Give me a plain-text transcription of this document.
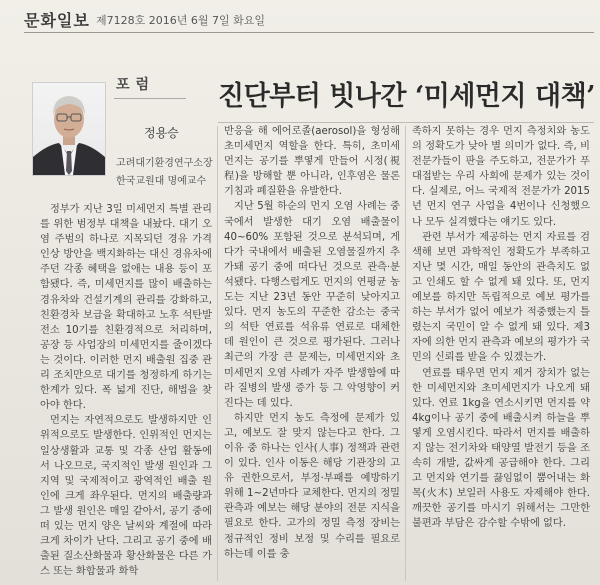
문화일보 제7128호 2016년 6월 7일 화요일
포럼
정용승
고려대기환경연구소장
한국교원대 명예교수
진단부터 빗나간 ‘미세먼지 대책’

정부가 지난 3일 미세먼지 특별 관리를 위한 범정부 대책을 내놨다. 대기 오염 주범의 하나로 지목되던 경유 가격 인상 방안을 백지화하는 대신 경유차에 주던 각종 혜택을 없애는 내용 등이 포함됐다. 즉, 미세먼지를 많이 배출하는 경유차와 건설기계의 관리를 강화하고, 친환경차 보급을 확대하고 노후 석탄발전소 10기를 친환경적으로 처리하며, 공장 등 사업장의 미세먼지를 줄이겠다는 것이다. 이러한 먼지 배출원 집중 관리 조치만으로 대기를 청정하게 하기는 한계가 있다. 폭 넓게 진단, 해법을 찾아야 한다.

먼지는 자연적으로도 발생하지만 인위적으로도 발생한다. 인위적인 먼지는 일상생활과 교통 및 각종 산업 활동에서 나오므로, 국지적인 발생 원인과 그 지역 및 국제적이고 광역적인 배출 원인에 크게 좌우된다. 먼지의 배출량과 그 발생 원인은 매일 같아서, 공기 중에 떠 있는 먼지 양은 날씨와 계절에 따라 크게 차이가 난다. 그리고 공기 중에 배출된 질소산화물과 황산화물은 다른 가스 또는 화합물과 화학

반응을 해 에어로졸(aerosol)을 형성해 초미세먼지 역할을 한다. 특히, 초미세먼지는 공기를 뿌옇게 만들어 시정(視程)을 방해할 뿐 아니라, 인후염은 물론 기침과 폐질환을 유발한다.

지난 5월 하순의 먼지 오염 사례는 중국에서 발생한 대기 오염 배출물이 40~60% 포함된 것으로 분석되며, 게다가 국내에서 배출된 오염물질까지 추가돼 공기 중에 떠다닌 것으로 관측·분석됐다. 다행스럽게도 먼지의 연평균 농도는 지난 23년 동안 꾸준히 낮아지고 있다. 먼지 농도의 꾸준한 감소는 중국의 석탄 연료를 석유류 연료로 대체한 데 원인이 큰 것으로 평가된다. 그러나 최근의 가장 큰 문제는, 미세먼지와 초미세먼지 오염 사례가 자주 발생함에 따라 질병의 발생 증가 등 그 악영향이 커진다는 데 있다.

하지만 먼지 농도 측정에 문제가 있고, 예보도 잘 맞지 않는다고 한다. 그 이유 중 하나는 인사(人事) 정책과 관련이 있다. 인사 이동은 해당 기관장의 고유 권한으로서, 부정·부패를 예방하기 위해 1~2년마다 교체한다. 먼지의 정밀 관측과 예보는 해당 분야의 전문 지식을 필요로 한다. 고가의 정밀 측정 장비는 정규적인 정비 보정 및 수리를 필요로 하는데 이를 충

족하지 못하는 경우 먼지 측정치와 농도의 정확도가 낮아 별 의미가 없다. 즉, 비전문가들이 판을 주도하고, 전문가가 푸대접받는 우리 사회에 문제가 있는 것이다. 실제로, 어느 국제적 전문가가 2015년 먼지 연구 사업을 4번이나 신청했으나 모두 실격했다는 얘기도 있다.

관련 부서가 제공하는 먼지 자료를 검색해 보면 과학적인 정확도가 부족하고 지난 몇 시간, 매일 동안의 관측치도 없고 인쇄도 할 수 없게 돼 있다. 또, 먼지 예보를 하지만 독립적으로 예보 평가를 하는 부서가 없어 예보가 적중했는지 틀렸는지 국민이 알 수 없게 돼 있다. 제3자에 의한 먼지 관측과 예보의 평가가 국민의 신뢰를 받을 수 있겠는가.

연료를 태우면 먼지 제거 장치가 없는 한 미세먼지와 초미세먼지가 나오게 돼 있다. 연료 1kg을 연소시키면 먼지를 약 4kg이나 공기 중에 배출시켜 하늘을 뿌옇게 오염시킨다. 따라서 먼지를 배출하지 않는 전기차와 태양열 발전기 등을 조속히 개발, 값싸게 공급해야 한다. 그리고 먼지와 연기를 끓임없이 뿜어내는 화목(火木) 보일러 사용도 자제해야 한다. 깨끗한 공기를 마시기 위해서는 그만한 불편과 부담은 감수할 수밖에 없다.
